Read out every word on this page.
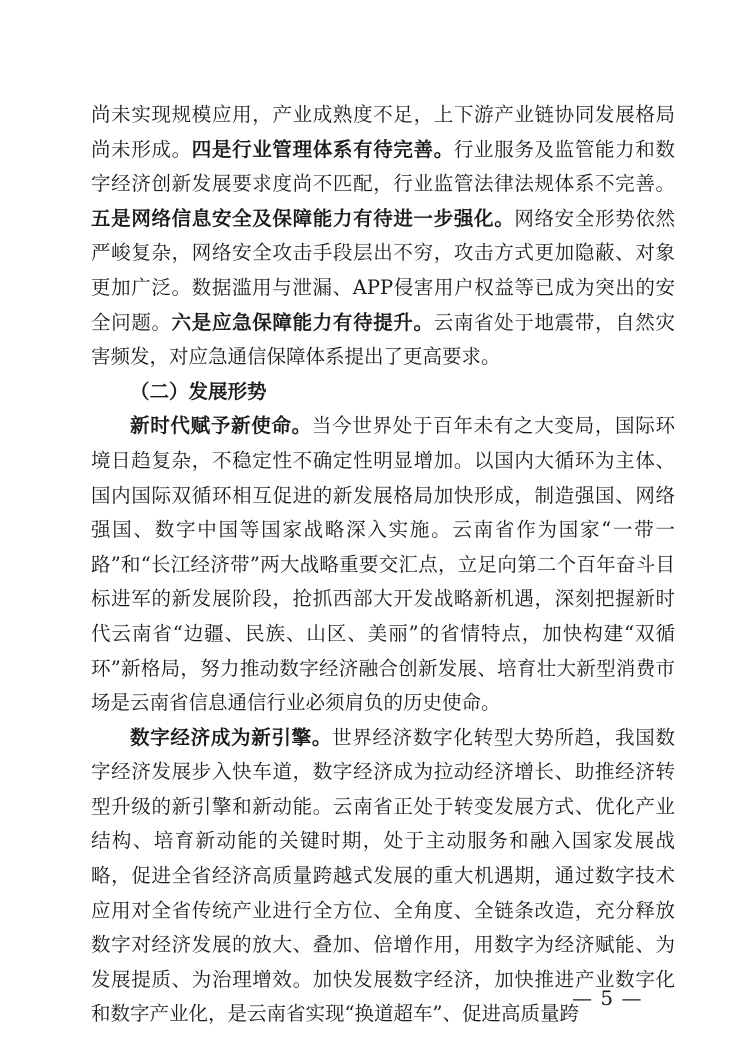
尚未实现规模应用，产业成熟度不足，上下游产业链协同发展格局尚未形成。四是行业管理体系有待完善。行业服务及监管能力和数字经济创新发展要求度尚不匹配，行业监管法律法规体系不完善。五是网络信息安全及保障能力有待进一步强化。网络安全形势依然严峻复杂，网络安全攻击手段层出不穷，攻击方式更加隐蔽、对象更加广泛。数据滥用与泄漏、APP侵害用户权益等已成为突出的安全问题。六是应急保障能力有待提升。云南省处于地震带，自然灾害频发，对应急通信保障体系提出了更高要求。

（二）发展形势

新时代赋予新使命。当今世界处于百年未有之大变局，国际环境日趋复杂，不稳定性不确定性明显增加。以国内大循环为主体、国内国际双循环相互促进的新发展格局加快形成，制造强国、网络强国、数字中国等国家战略深入实施。云南省作为国家“一带一路”和“长江经济带”两大战略重要交汇点，立足向第二个百年奋斗目标进军的新发展阶段，抢抓西部大开发战略新机遇，深刻把握新时代云南省“边疆、民族、山区、美丽”的省情特点，加快构建“双循环”新格局，努力推动数字经济融合创新发展、培育壮大新型消费市场是云南省信息通信行业必须肩负的历史使命。

数字经济成为新引擎。世界经济数字化转型大势所趋，我国数字经济发展步入快车道，数字经济成为拉动经济增长、助推经济转型升级的新引擎和新动能。云南省正处于转变发展方式、优化产业结构、培育新动能的关键时期，处于主动服务和融入国家发展战略，促进全省经济高质量跨越式发展的重大机遇期，通过数字技术应用对全省传统产业进行全方位、全角度、全链条改造，充分释放数字对经济发展的放大、叠加、倍增作用，用数字为经济赋能、为发展提质、为治理增效。加快发展数字经济，加快推进产业数字化和数字产业化，是云南省实现“换道超车”、促进高质量跨

— 5 —
